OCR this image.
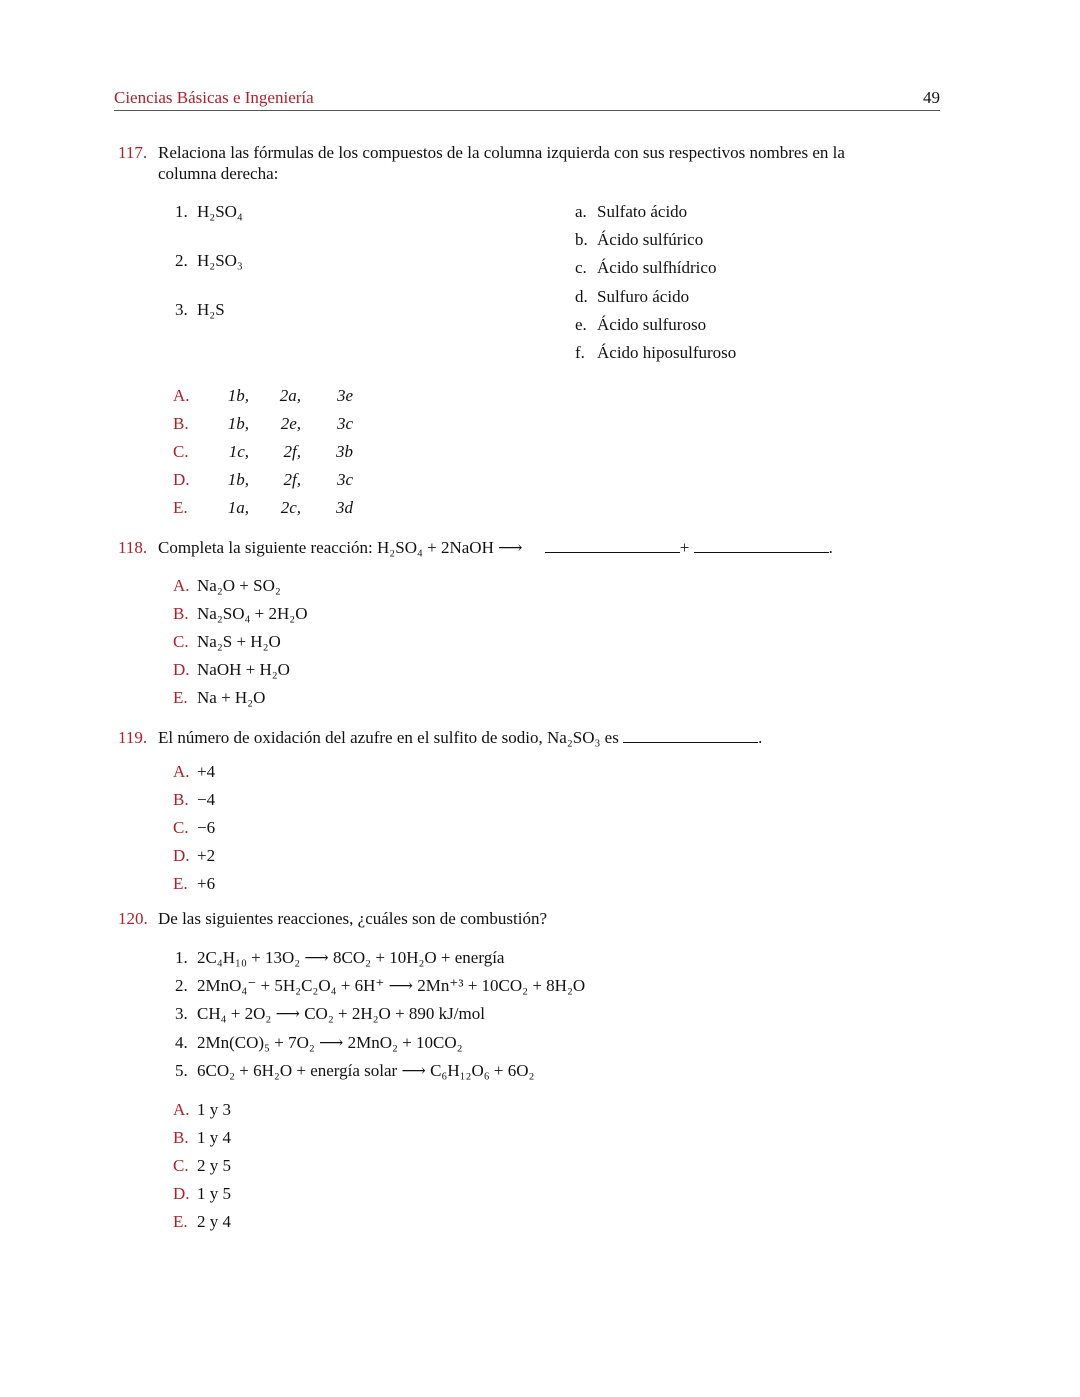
Ciencias Básicas e Ingeniería	49
117. Relaciona las fórmulas de los compuestos de la columna izquierda con sus respectivos nombres en la
columna derecha:
1. H₂SO₄
2. H₂SO₃
3. H₂S
a. Sulfato ácido
b. Ácido sulfúrico
c. Ácido sulfhídrico
d. Sulfuro ácido
e. Ácido sulfuroso
f. Ácido hiposulfuroso
A. 1b, 2a, 3e
B. 1b, 2e, 3c
C. 1c, 2f, 3b
D. 1b, 2f, 3c
E. 1a, 2c, 3d
118. Completa la siguiente reacción: H₂SO₄ + 2NaOH ⟶	+	.
A. Na₂O + SO₂
B. Na₂SO₄ + 2H₂O
C. Na₂S + H₂O
D. NaOH + H₂O
E. Na + H₂O
119. El número de oxidación del azufre en el sulfito de sodio, Na₂SO₃ es	.
A. +4
B. −4
C. −6
D. +2
E. +6
120. De las siguientes reacciones, ¿cuáles son de combustión?
1. 2C₄H₁₀ + 13O₂ ⟶ 8CO₂ + 10H₂O + energía
2. 2MnO₄⁻ + 5H₂C₂O₄ + 6H⁺ ⟶ 2Mn⁺³ + 10CO₂ + 8H₂O
3. CH₄ + 2O₂ ⟶ CO₂ + 2H₂O + 890 kJ/mol
4. 2Mn(CO)₅ + 7O₂ ⟶ 2MnO₂ + 10CO₂
5. 6CO₂ + 6H₂O + energía solar ⟶ C₆H₁₂O₆ + 6O₂
A. 1 y 3
B. 1 y 4
C. 2 y 5
D. 1 y 5
E. 2 y 4
